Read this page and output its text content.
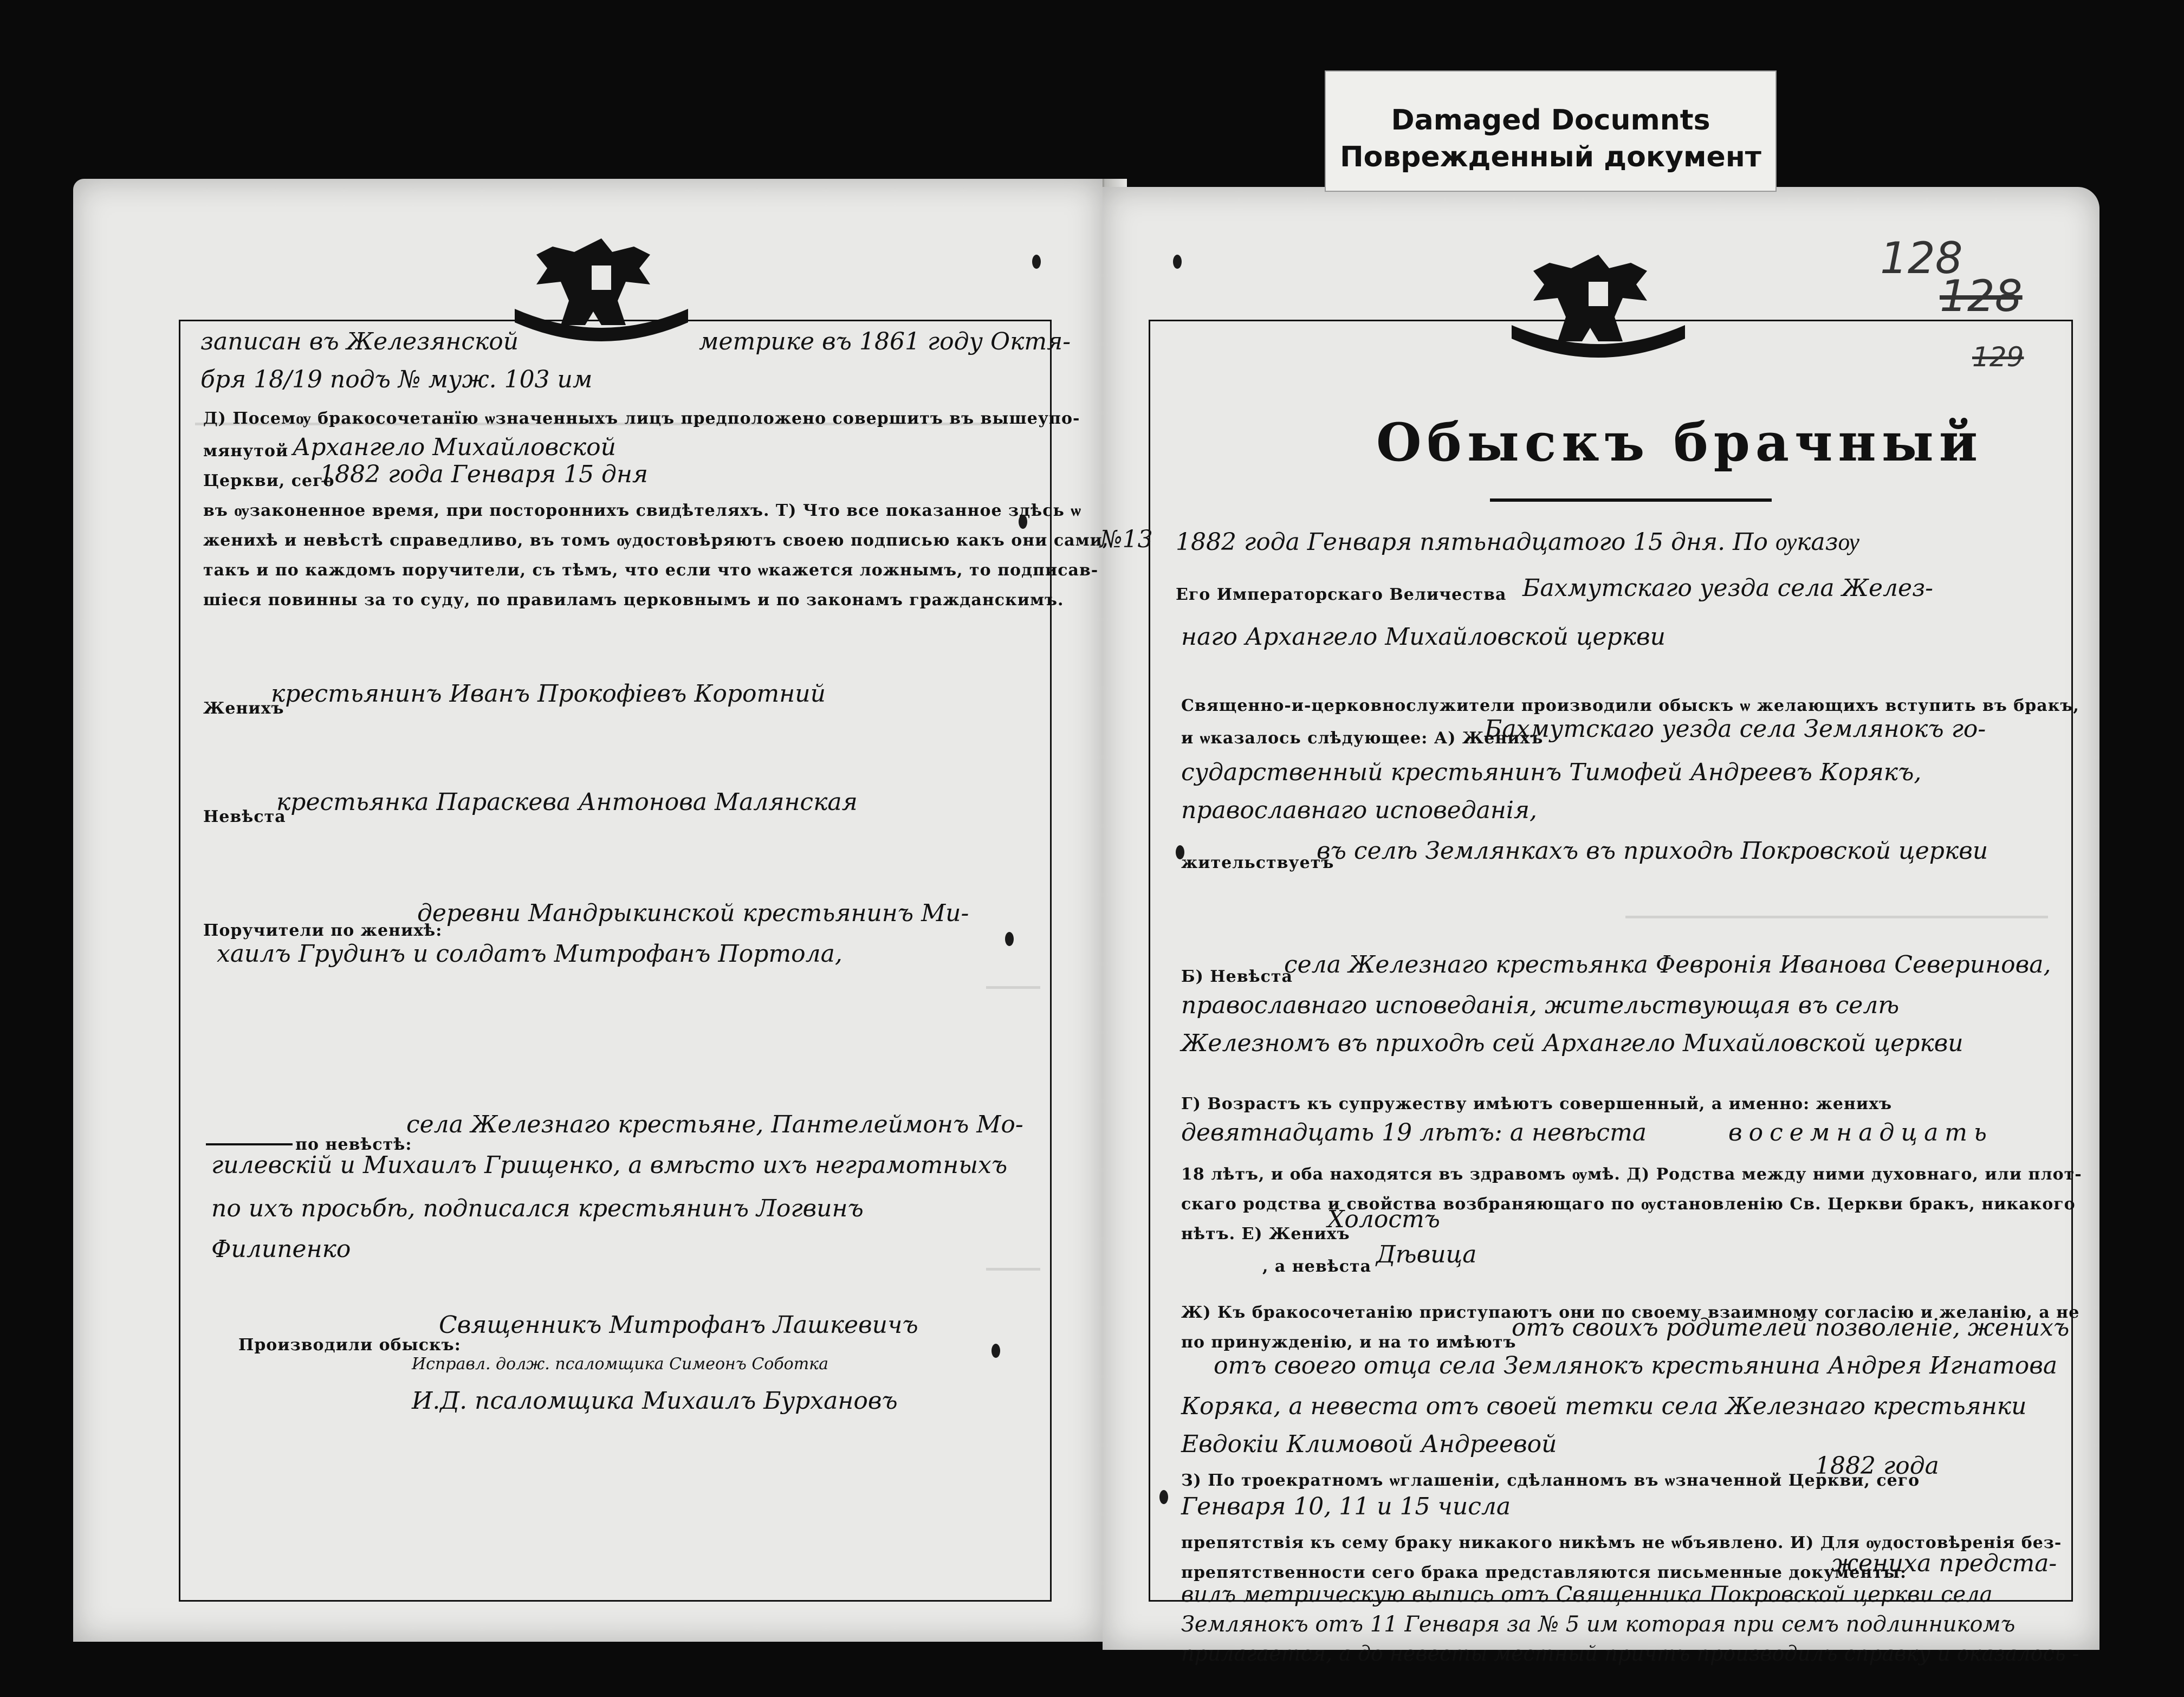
Damaged Documnts
Поврежденный документ
128
128
129
записан въ Железянской	метрике въ 1861 году Октя-
бря 18/19 подъ № муж. 103 им
Д) Посемѹ бракосочетанїю ѡзначенныхъ лицъ предположено совершитъ въ вышеупо-
мянутой Архангело Михайловской
Церкви, сего
1882 года Генваря 15 дня
въ ѹзаконенное время, при постороннихъ свидѣтеляхъ. Т) Что все показанное здѣсь ѡ
женихѣ и невѣстѣ справедливо, въ томъ ѹдостовѣряютъ своею подписью какъ они сами,
такъ и по каждомъ поручители, съ тѣмъ, что если что ѡкажется ложнымъ, то подписав-
шiеся повинны за то суду, по правиламъ церковнымъ и по законамъ гражданскимъ.
Женихъ
крестьянинъ Иванъ Прокофiевъ Коротний
Невѣста
крестьянка Параскева Антонова Малянская
Поручители по женихѣ:
деревни Мандрыкинской крестьянинъ Ми-
хаилъ Грудинъ и солдатъ Митрофанъ Портола,
по невѣстѣ:
села Железнаго крестьяне, Пантелеймонъ Мо-
гилевскій и Михаилъ Грищенко, а вмѣсто ихъ неграмотныхъ
по ихъ просьбѣ, подписался крестьянинъ Логвинъ
Филипенко
Производили обыскъ:
Священникъ Митрофанъ Лашкевичъ
Исправл. долж. псаломщика Симеонъ Соботка
И.Д. псаломщика Михаилъ Бурхановъ
Обыскъ брачный
№13 1882 года Генваря пятьнадцатого 15 дня. По ѹказѹ
Его Императорскаго Величества Бахмутскаго уезда села Желез-
наго Архангело Михайловской церкви
Священно-и-церковнослужители производили обыскъ ѡ желающихъ вступить въ бракъ,
и ѡказалось слѣдующее: А) Женихъ
Бахмутскаго уезда села Землянокъ го-
сударственный крестьянинъ Тимофей Андреевъ Корякъ,
православнаго исповеданія,
жительствуетъ
въ селѣ Землянкахъ въ приходѣ Покровской церкви
Б) Невѣста
села Железнаго крестьянка Февронія Иванова Северинова,
православнаго исповеданія, жительствующая въ селѣ
Железномъ въ приходѣ сей Архангело Михайловской церкви
Г) Возрастъ къ супружеству имѣютъ совершенный, а именно: женихъ
девятнадцать 19 лѣтъ: а невѣста	восемнадцать
18 лѣтъ, и оба находятся въ здравомъ ѹмѣ. Д) Родства между ними духовнаго, или плот-
скаго родства и свойства возбраняющаго по ѹстановленію Св. Церкви бракъ, никакого
нѣтъ. Е) Женихъ
Холостъ
, а невѣста Дѣвица
Ж) Къ бракосочетанію приступаютъ они по своему взаимному согласію и желанію, а не
по принужденію, и на то имѣютъ
отъ своихъ родителей позволеніе, женихъ
отъ своего отца села Землянокъ крестьянина Андрея Игнатова
Коряка, а невеста отъ своей тетки села Железнаго крестьянки
Евдокіи Климовой Андреевой
З) По троекратномъ ѡглашеніи, сдѣланномъ въ ѡзначенной Церкви, сего
1882 года
Генваря 10, 11 и 15 числа
препятствія къ сему браку никакого никѣмъ не ѡбъявлено. И) Для ѹдостовѣренія без-
препятственности сего брака представляются письменные документы:
жениха предста-
вилъ метрическую выпись отъ Священника Покровской церкви села
Землянокъ отъ 11 Генваря за № 5 им которая при семъ подлинникомъ
прилагается, а до невесты местный причтъ производилъ справку и оказалось -
